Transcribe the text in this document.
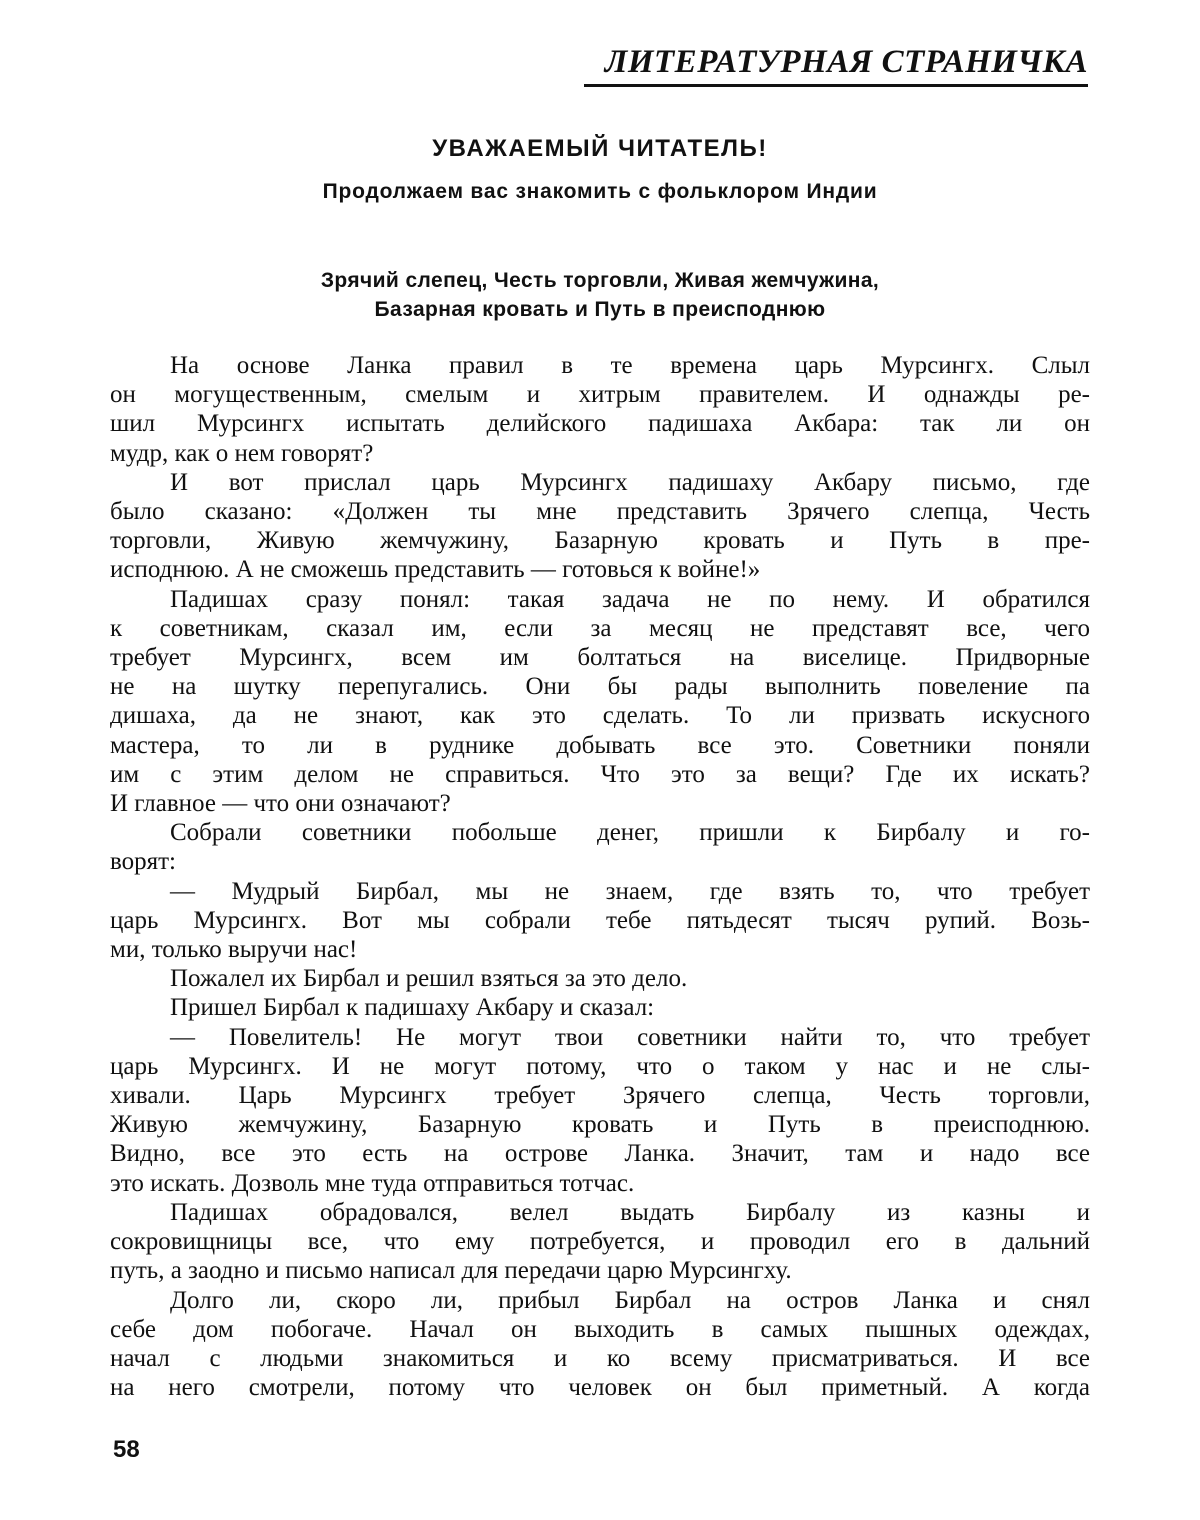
ЛИТЕРАТУРНАЯ СТРАНИЧКА
УВАЖАЕМЫЙ ЧИТАТЕЛЬ!
Продолжаем вас знакомить с фольклором Индии
Зрячий слепец, Честь торговли, Живая жемчужина,
Базарная кровать и Путь в преисподнюю
На основе Ланка правил в те времена царь Мурсингх. Слыл
он могущественным, смелым и хитрым правителем. И однажды ре-
шил Мурсингх испытать делийского падишаха Акбара: так ли он
мудр, как о нем говорят?
И вот прислал царь Мурсингх падишаху Акбару письмо, где
было сказано: «Должен ты мне представить Зрячего слепца, Честь
торговли, Живую жемчужину, Базарную кровать и Путь в пре-
исподнюю. А не сможешь представить — готовься к войне!»
Падишах сразу понял: такая задача не по нему. И обратился
к советникам, сказал им, если за месяц не представят все, чего
требует Мурсингх, всем им болтаться на виселице. Придворные
не на шутку перепугались. Они бы рады выполнить повеление па
дишаха, да не знают, как это сделать. То ли призвать искусного
мастера, то ли в руднике добывать все это. Советники поняли
им с этим делом не справиться. Что это за вещи? Где их искать?
И главное — что они означают?
Собрали советники побольше денег, пришли к Бирбалу и го-
ворят:
— Мудрый Бирбал, мы не знаем, где взять то, что требует
царь Мурсингх. Вот мы собрали тебе пятьдесят тысяч рупий. Возь-
ми, только выручи нас!
Пожалел их Бирбал и решил взяться за это дело.
Пришел Бирбал к падишаху Акбару и сказал:
— Повелитель! Не могут твои советники найти то, что требует
царь Мурсингх. И не могут потому, что о таком у нас и не слы-
хивали. Царь Мурсингх требует Зрячего слепца, Честь торговли,
Живую жемчужину, Базарную кровать и Путь в преисподнюю.
Видно, все это есть на острове Ланка. Значит, там и надо все
это искать. Дозволь мне туда отправиться тотчас.
Падишах обрадовался, велел выдать Бирбалу из казны и
сокровищницы все, что ему потребуется, и проводил его в дальний
путь, а заодно и письмо написал для передачи царю Мурсингху.
Долго ли, скоро ли, прибыл Бирбал на остров Ланка и снял
себе дом побогаче. Начал он выходить в самых пышных одеждах,
начал с людьми знакомиться и ко всему присматриваться. И все
на него смотрели, потому что человек он был приметный. А когда
58
